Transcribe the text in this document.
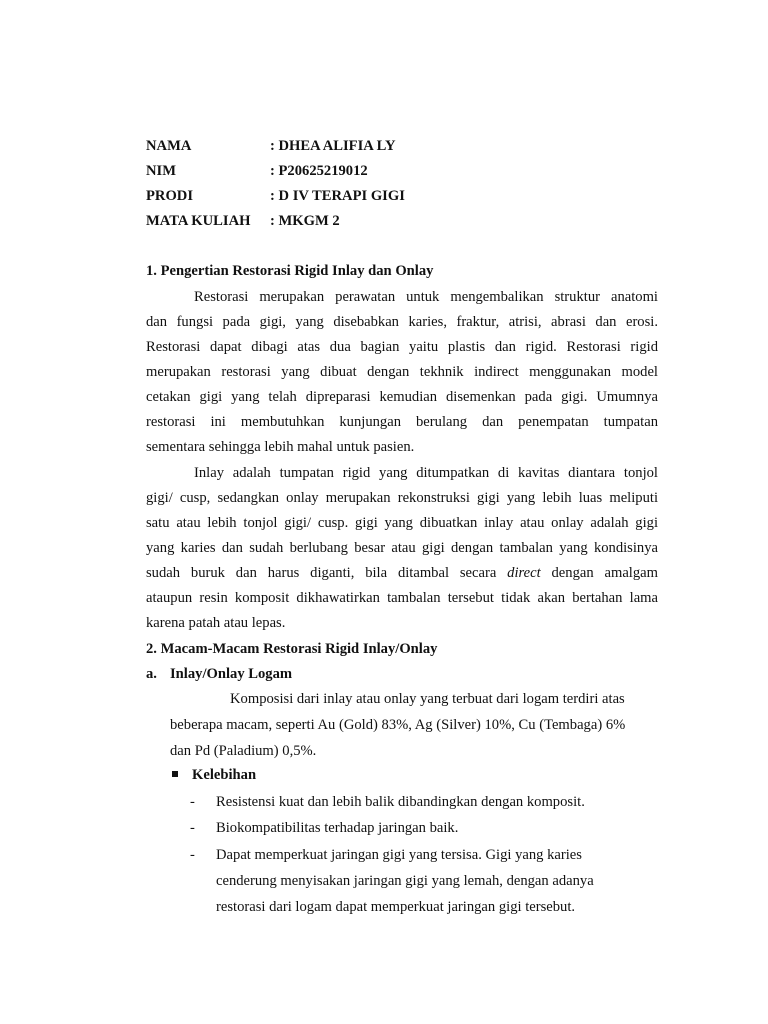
NAMA	: DHEA ALIFIA LY
NIM	: P20625219012
PRODI	: D IV TERAPI GIGI
MATA KULIAH : MKGM 2
1. Pengertian Restorasi Rigid Inlay dan Onlay
Restorasi merupakan perawatan untuk mengembalikan struktur anatomi
dan fungsi pada gigi, yang disebabkan karies, fraktur, atrisi, abrasi dan erosi.
Restorasi dapat dibagi atas dua bagian yaitu plastis dan rigid. Restorasi rigid
merupakan restorasi yang dibuat dengan tekhnik indirect menggunakan model
cetakan gigi yang telah dipreparasi kemudian disemenkan pada gigi. Umumnya
restorasi ini membutuhkan kunjungan berulang dan penempatan tumpatan
sementara sehingga lebih mahal untuk pasien.
Inlay adalah tumpatan rigid yang ditumpatkan di kavitas diantara tonjol
gigi/ cusp, sedangkan onlay merupakan rekonstruksi gigi yang lebih luas meliputi
satu atau lebih tonjol gigi/ cusp. gigi yang dibuatkan inlay atau onlay adalah gigi
yang karies dan sudah berlubang besar atau gigi dengan tambalan yang kondisinya
sudah buruk dan harus diganti, bila ditambal secara direct dengan amalgam
ataupun resin komposit dikhawatirkan tambalan tersebut tidak akan bertahan lama
karena patah atau lepas.
2. Macam-Macam Restorasi Rigid Inlay/Onlay
a. Inlay/Onlay Logam
Komposisi dari inlay atau onlay yang terbuat dari logam terdiri atas
beberapa macam, seperti Au (Gold) 83%, Ag (Silver) 10%, Cu (Tembaga) 6%
dan Pd (Paladium) 0,5%.
Kelebihan
- Resistensi kuat dan lebih balik dibandingkan dengan komposit.
- Biokompatibilitas terhadap jaringan baik.
- Dapat memperkuat jaringan gigi yang tersisa. Gigi yang karies
cenderung menyisakan jaringan gigi yang lemah, dengan adanya
restorasi dari logam dapat memperkuat jaringan gigi tersebut.
